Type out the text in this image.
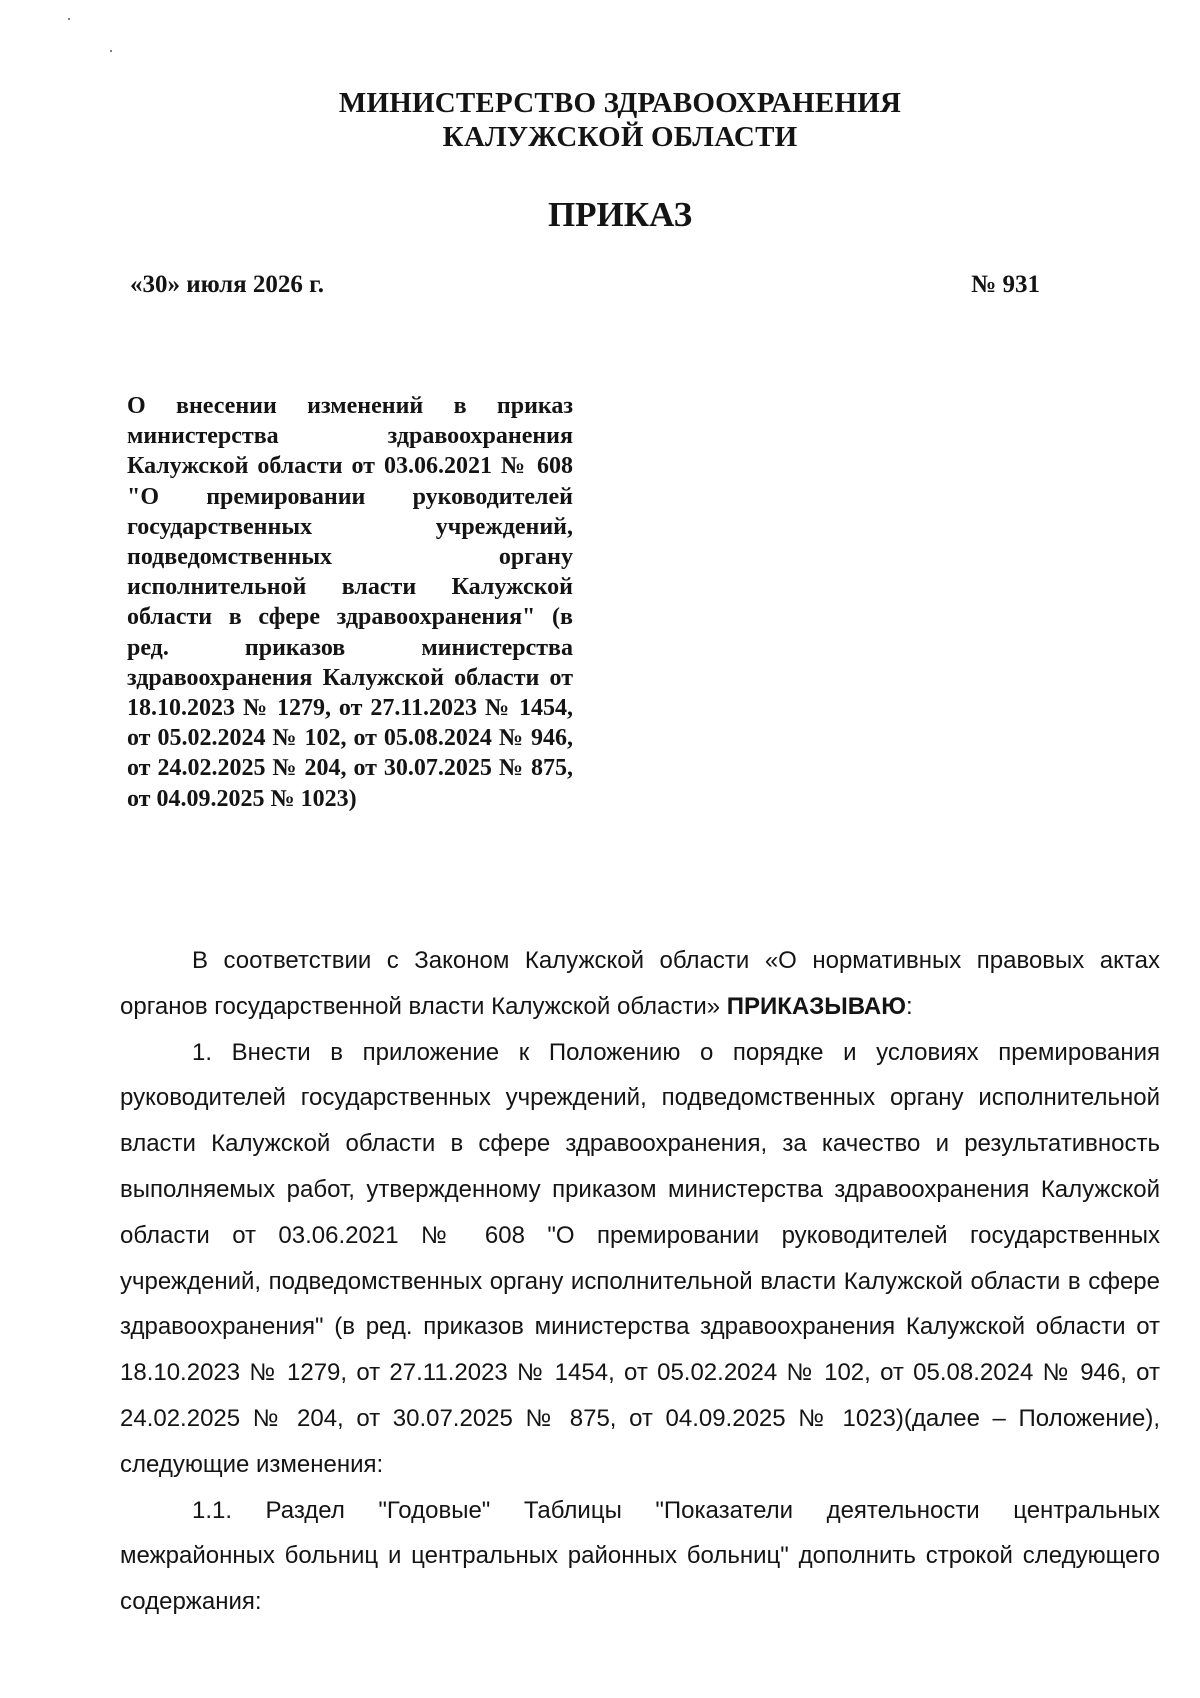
МИНИСТЕРСТВО ЗДРАВООХРАНЕНИЯ
КАЛУЖСКОЙ ОБЛАСТИ
ПРИКАЗ
«30» июля 2026 г.	№ 931
О внесении изменений в приказ министерства здравоохранения Калужской области от 03.06.2021 № 608 "О премировании руководителей государственных учреждений, подведомственных органу исполнительной власти Калужской области в сфере здравоохранения" (в ред. приказов министерства здравоохранения Калужской области от 18.10.2023 № 1279, от 27.11.2023 № 1454, от 05.02.2024 № 102, от 05.08.2024 № 946, от 24.02.2025 № 204, от 30.07.2025 № 875, от 04.09.2025 № 1023)

В соответствии с Законом Калужской области «О нормативных правовых актах органов государственной власти Калужской области» ПРИКАЗЫВАЮ:

1. Внести в приложение к Положению о порядке и условиях премирования руководителей государственных учреждений, подведомственных органу исполнительной власти Калужской области в сфере здравоохранения, за качество и результативность выполняемых работ, утвержденному приказом министерства здравоохранения Калужской области от 03.06.2021 № 608 "О премировании руководителей государственных учреждений, подведомственных органу исполнительной власти Калужской области в сфере здравоохранения" (в ред. приказов министерства здравоохранения Калужской области от 18.10.2023 № 1279, от 27.11.2023 № 1454, от 05.02.2024 № 102, от 05.08.2024 № 946, от 24.02.2025 № 204, от 30.07.2025 № 875, от 04.09.2025 № 1023)(далее – Положение), следующие изменения:

1.1. Раздел "Годовые" Таблицы "Показатели деятельности центральных межрайонных больниц и центральных районных больниц" дополнить строкой следующего содержания:
